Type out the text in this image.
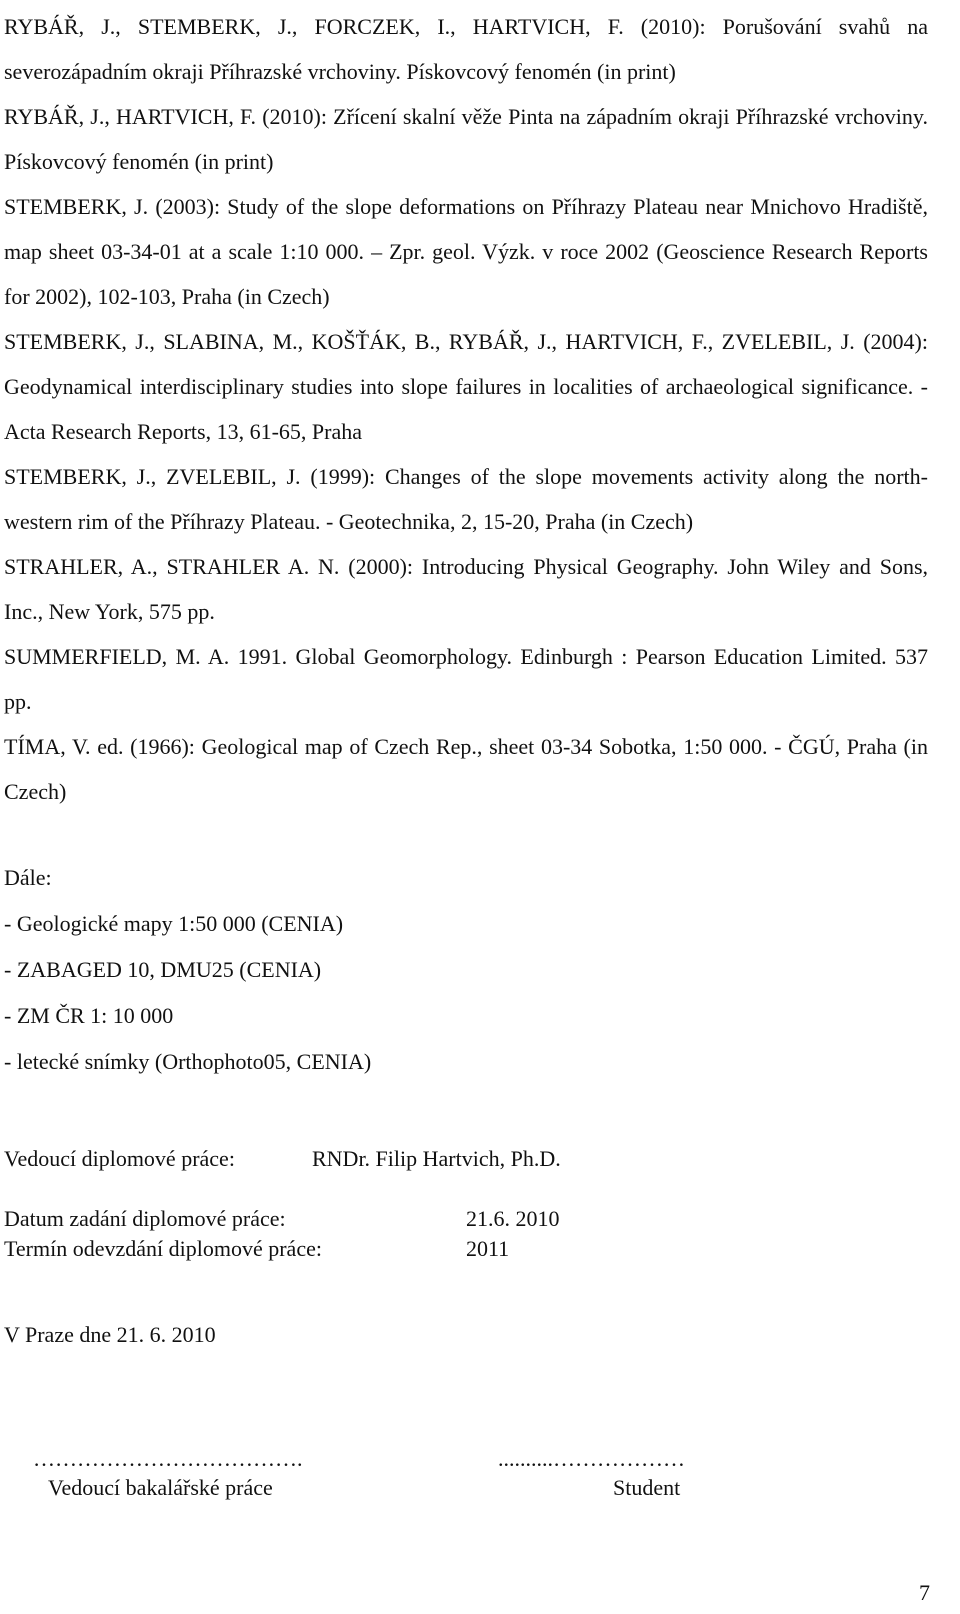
RYBÁŘ, J., STEMBERK, J., FORCZEK, I., HARTVICH, F. (2010): Porušování svahů na severozápadním okraji Příhrazské vrchoviny. Pískovcový fenomén (in print)

RYBÁŘ, J., HARTVICH, F. (2010): Zřícení skalní věže Pinta na západním okraji Příhrazské vrchoviny. Pískovcový fenomén (in print)

STEMBERK, J. (2003): Study of the slope deformations on Příhrazy Plateau near Mnichovo Hradiště, map sheet 03-34-01 at a scale 1:10 000. – Zpr. geol. Výzk. v roce 2002 (Geoscience Research Reports for 2002), 102-103, Praha (in Czech)

STEMBERK, J., SLABINA, M., KOŠŤÁK, B., RYBÁŘ, J., HARTVICH, F., ZVELEBIL, J. (2004): Geodynamical interdisciplinary studies into slope failures in localities of archaeological significance. - Acta Research Reports, 13, 61-65, Praha

STEMBERK, J., ZVELEBIL, J. (1999): Changes of the slope movements activity along the north-western rim of the Příhrazy Plateau. - Geotechnika, 2, 15-20, Praha (in Czech)

STRAHLER, A., STRAHLER A. N. (2000): Introducing Physical Geography. John Wiley and Sons, Inc., New York, 575 pp.

SUMMERFIELD, M. A. 1991. Global Geomorphology. Edinburgh : Pearson Education Limited. 537 pp.

TÍMA, V. ed. (1966): Geological map of Czech Rep., sheet 03-34 Sobotka, 1:50 000. - ČGÚ, Praha (in Czech)

Dále:

- Geologické mapy 1:50 000 (CENIA)

- ZABAGED 10, DMU25 (CENIA)

- ZM ČR 1: 10 000

- letecké snímky (Orthophoto05, CENIA)

Vedoucí diplomové práce:	RNDr. Filip Hartvich, Ph.D.
Datum zadání diplomové práce:	21.6. 2010
Termín odevzdání diplomové práce:	2011
V Praze dne 21. 6. 2010
……………………………….
Vedoucí bakalářské práce
..........………………
Student
7
